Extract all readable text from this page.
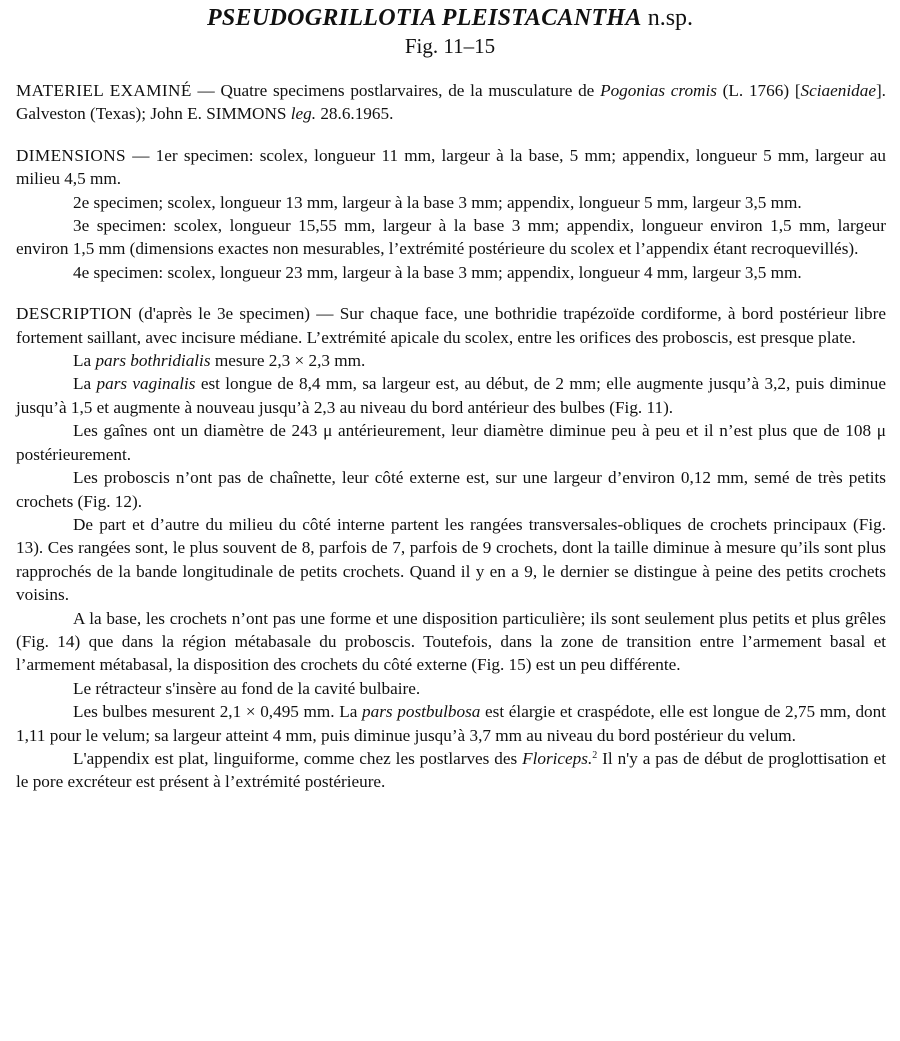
PSEUDOGRILLOTIA PLEISTACANTHA n.sp.
Fig. 11–15

MATERIEL EXAMINÉ — Quatre specimens postlarvaires, de la musculature de Pogonias cromis (L. 1766) [Sciaenidae]. Galveston (Texas); John E. SIMMONS leg. 28.6.1965.

DIMENSIONS — 1er specimen: scolex, longueur 11 mm, largeur à la base, 5 mm; appendix, longueur 5 mm, largeur au milieu 4,5 mm.

2e specimen; scolex, longueur 13 mm, largeur à la base 3 mm; appendix, longueur 5 mm, largeur 3,5 mm.

3e specimen: scolex, longueur 15,55 mm, largeur à la base 3 mm; appendix, longueur environ 1,5 mm, largeur environ 1,5 mm (dimensions exactes non mesurables, l’extrémité postérieure du scolex et l’appendix étant recroquevillés).

4e specimen: scolex, longueur 23 mm, largeur à la base 3 mm; appendix, longueur 4 mm, largeur 3,5 mm.

DESCRIPTION (d'après le 3e specimen) — Sur chaque face, une bothridie trapézoïde cordiforme, à bord postérieur libre fortement saillant, avec incisure médiane. L’extrémité apicale du scolex, entre les orifices des proboscis, est presque plate.

La pars bothridialis mesure 2,3 × 2,3 mm.

La pars vaginalis est longue de 8,4 mm, sa largeur est, au début, de 2 mm; elle augmente jusqu’à 3,2, puis diminue jusqu’à 1,5 et augmente à nouveau jusqu’à 2,3 au niveau du bord antérieur des bulbes (Fig. 11).

Les gaînes ont un diamètre de 243 μ antérieurement, leur diamètre diminue peu à peu et il n’est plus que de 108 μ postérieurement.

Les proboscis n’ont pas de chaînette, leur côté externe est, sur une largeur d’environ 0,12 mm, semé de très petits crochets (Fig. 12).

De part et d’autre du milieu du côté interne partent les rangées transversales-obliques de crochets principaux (Fig. 13). Ces rangées sont, le plus souvent de 8, parfois de 7, parfois de 9 crochets, dont la taille diminue à mesure qu’ils sont plus rapprochés de la bande longitudinale de petits crochets. Quand il y en a 9, le dernier se distingue à peine des petits crochets voisins.

A la base, les crochets n’ont pas une forme et une disposition particulière; ils sont seulement plus petits et plus grêles (Fig. 14) que dans la région métabasale du proboscis. Toutefois, dans la zone de transition entre l’armement basal et l’armement métabasal, la disposition des crochets du côté externe (Fig. 15) est un peu différente.

Le rétracteur s'insère au fond de la cavité bulbaire.

Les bulbes mesurent 2,1 × 0,495 mm. La pars postbulbosa est élargie et craspédote, elle est longue de 2,75 mm, dont 1,11 pour le velum; sa largeur atteint 4 mm, puis diminue jusqu’à 3,7 mm au niveau du bord postérieur du velum.

L'appendix est plat, linguiforme, comme chez les postlarves des Floriceps.$^2$ Il n'y a pas de début de proglottisation et le pore excréteur est présent à l’extrémité postérieure.
